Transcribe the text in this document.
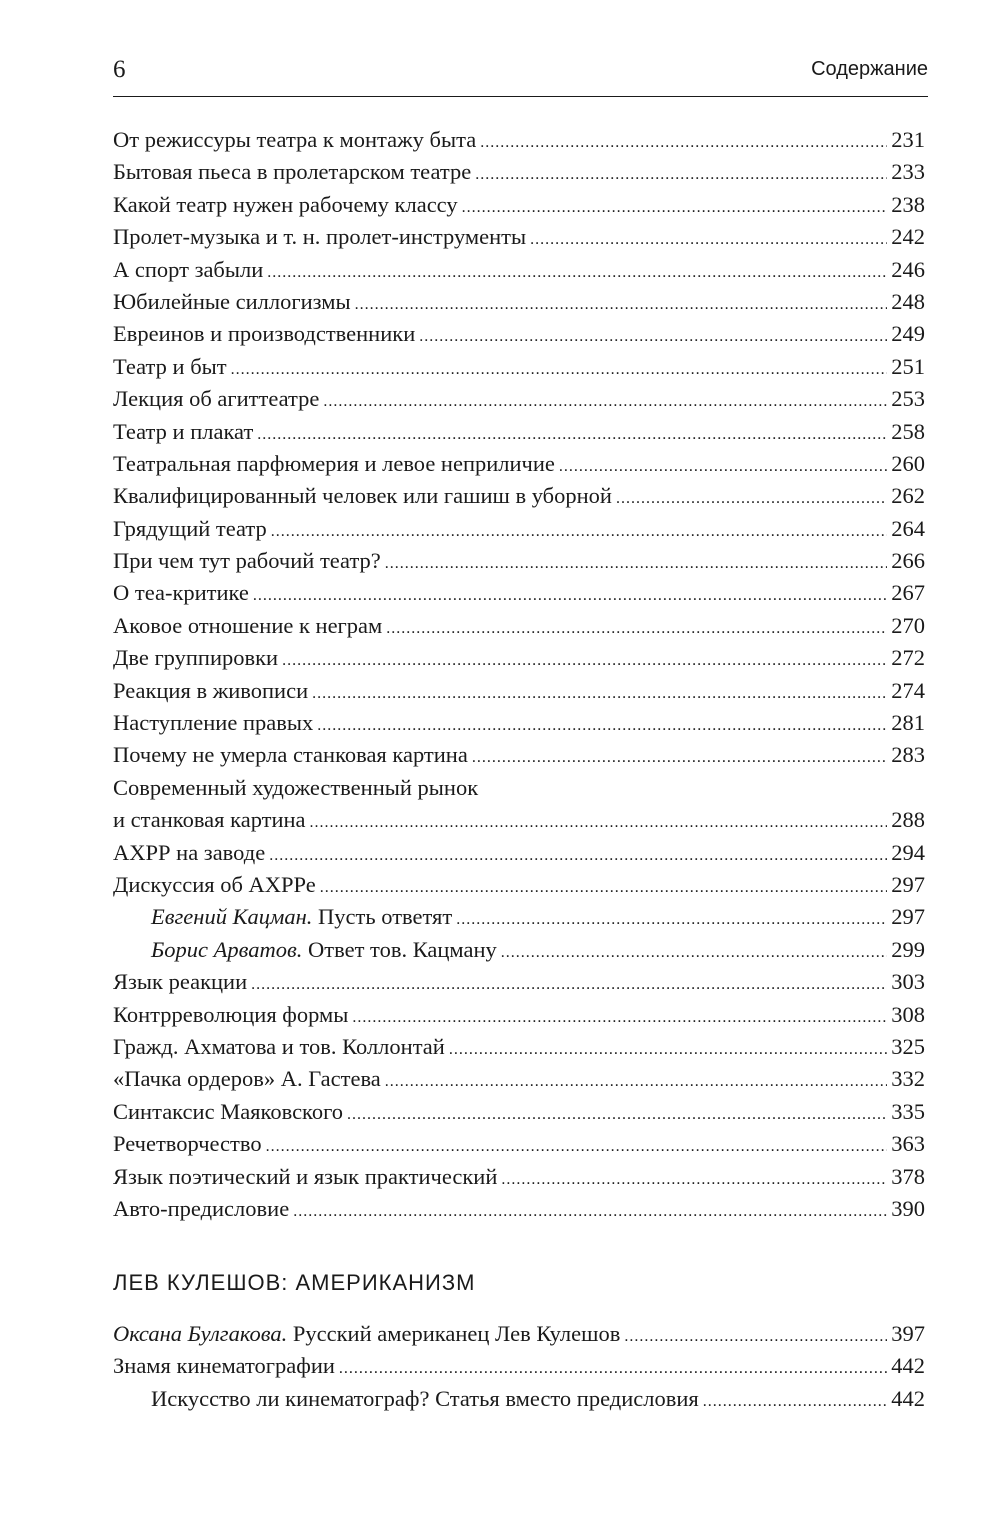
6	Содержание
От режиссуры театра к монтажу быта . . .	231
Бытовая пьеса в пролетарском театре . . .	233
Какой театр нужен рабочему классу . . .	238
Пролет-музыка и т. н. пролет-инструменты . . .	242
А спорт забыли . . .	246
Юбилейные силлогизмы . . .	248
Евреинов и производственники . . .	249
Театр и быт . . .	251
Лекция об агиттеатре . . .	253
Театр и плакат . . .	258
Театральная парфюмерия и левое неприличие . . .	260
Квалифицированный человек или гашиш в уборной . . .	262
Грядущий театр . . .	264
При чем тут рабочий театр? . . .	266
О теа-критике . . .	267
Аковое отношение к неграм . . .	270
Две группировки . . .	272
Реакция в живописи . . .	274
Наступление правых . . .	281
Почему не умерла станковая картина . . .	283
Современный художественный рынок
и станковая картина . . .	288
АХРР на заводе . . .	294
Дискуссия об АХРРе . . .	297
Евгений Кацман. Пусть ответят . . .	297
Борис Арватов. Ответ тов. Кацману . . .	299
Язык реакции . . .	303
Контрреволюция формы . . .	308
Гражд. Ахматова и тов. Коллонтай . . .	325
«Пачка ордеров» А. Гастева . . .	332
Синтаксис Маяковского . . .	335
Речетворчество . . .	363
Язык поэтический и язык практический . . .	378
Авто-предисловие . . .	390
ЛЕВ КУЛЕШОВ: АМЕРИКАНИЗМ
Оксана Булгакова. Русский американец Лев Кулешов . . .	397
Знамя кинематографии . . .	442
Искусство ли кинематограф? Статья вместо предисловия . . .	442
